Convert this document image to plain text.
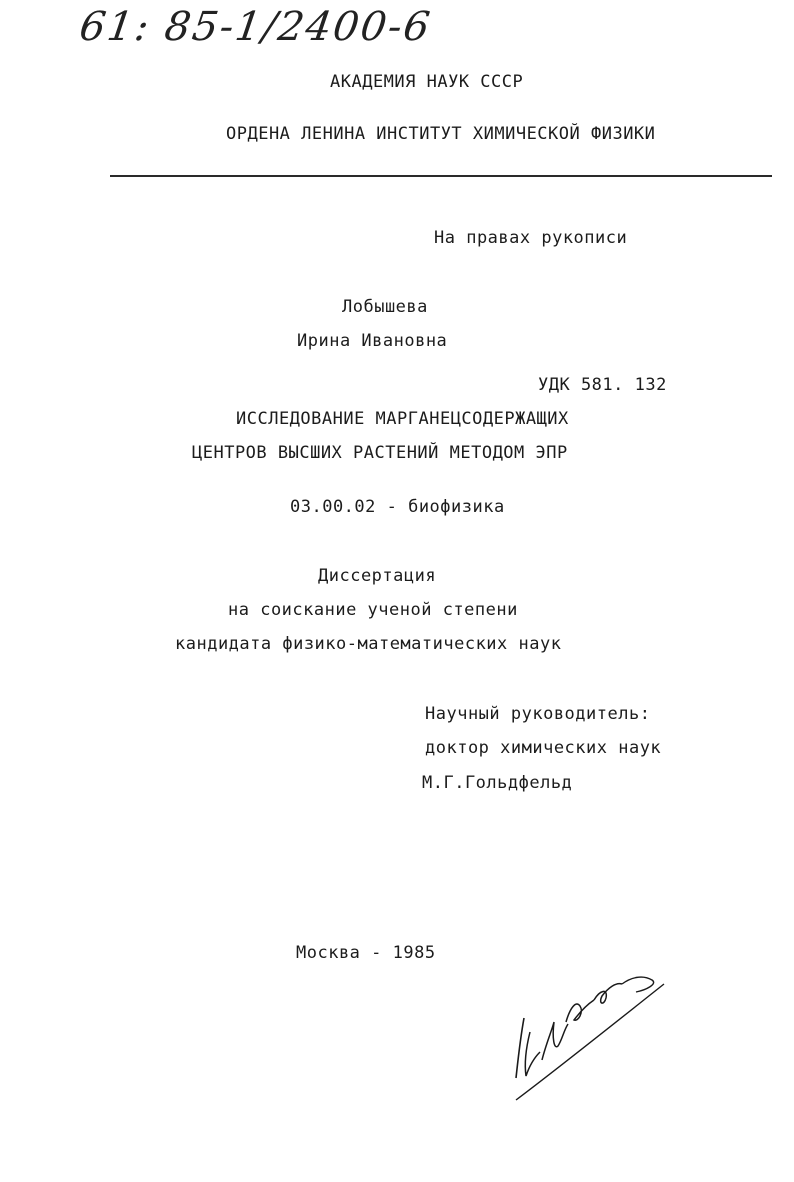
61: 85-1/2400-6
АКАДЕМИЯ НАУК СССР
ОРДЕНА ЛЕНИНА ИНСТИТУТ ХИМИЧЕСКОЙ ФИЗИКИ
На правах рукописи
Лобышева
Ирина Ивановна
УДК 581. 132
ИССЛЕДОВАНИЕ МАРГАНЕЦСОДЕРЖАЩИХ
ЦЕНТРОВ ВЫСШИХ РАСТЕНИЙ МЕТОДОМ ЭПР
03.00.02 - биофизика
Диссертация
на соискание ученой степени
кандидата физико-математических наук
Научный руководитель:
доктор химических наук
М.Г.Гольдфельд
Москва - 1985
